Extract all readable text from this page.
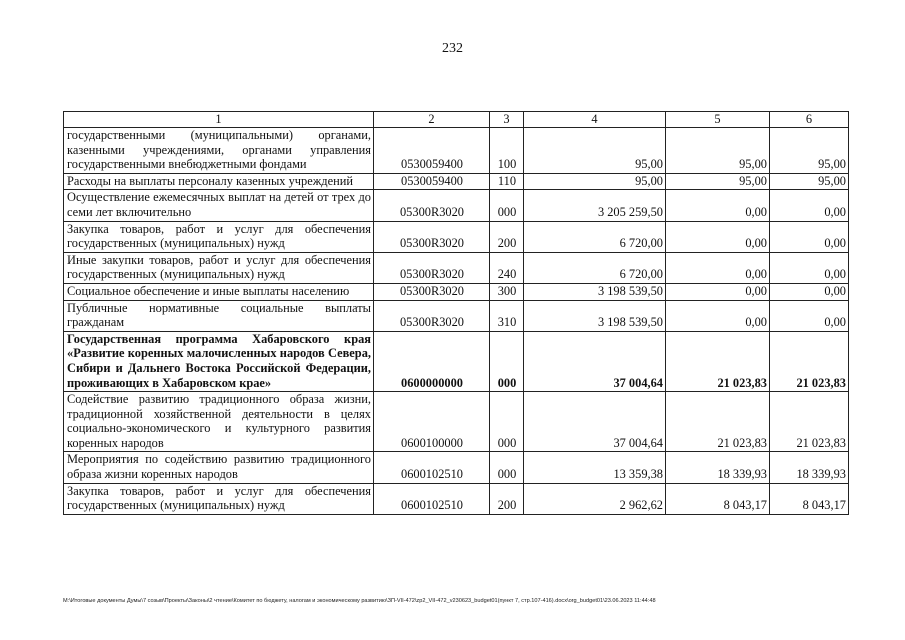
232
1	2	3	4	5	6
государственными (муниципальными) органами, казенными учреждениями, органами управления государственными внебюджетными фондами	0530059400	100	95,00	95,00	95,00
Расходы на выплаты персоналу казенных учреждений	0530059400	110	95,00	95,00	95,00
Осуществление ежемесячных выплат на детей от трех до семи лет включительно	05300R3020	000	3 205 259,50	0,00	0,00
Закупка товаров, работ и услуг для обеспечения государственных (муниципальных) нужд	05300R3020	200	6 720,00	0,00	0,00
Иные закупки товаров, работ и услуг для обеспечения государственных (муниципальных) нужд	05300R3020	240	6 720,00	0,00	0,00
Социальное обеспечение и иные выплаты населению	05300R3020	300	3 198 539,50	0,00	0,00
Публичные нормативные социальные выплаты гражданам	05300R3020	310	3 198 539,50	0,00	0,00
Государственная программа Хабаровского края «Развитие коренных малочисленных народов Севера, Сибири и Дальнего Востока Российской Федерации, проживающих в Хабаровском крае»	0600000000	000	37 004,64	21 023,83	21 023,83
Содействие развитию традиционного образа жизни, традиционной хозяйственной деятельности в целях социально-экономического и культурного развития коренных народов	0600100000	000	37 004,64	21 023,83	21 023,83
Мероприятия по содействию развитию традиционного образа жизни коренных народов	0600102510	000	13 359,38	18 339,93	18 339,93
Закупка товаров, работ и услуг для обеспечения государственных (муниципальных) нужд	0600102510	200	2 962,62	8 043,17	8 043,17
M:\Итоговые документы Думы\7 созыв\Проекты\Законы\2 чтение\Комитет по бюджету, налогам и экономическому развитию\ЗП-VII-472\zp2_VII-472_v230623_budget01(пункт 7, стр.107-416).docx\org_budget01\23.06.2023 11:44:48
